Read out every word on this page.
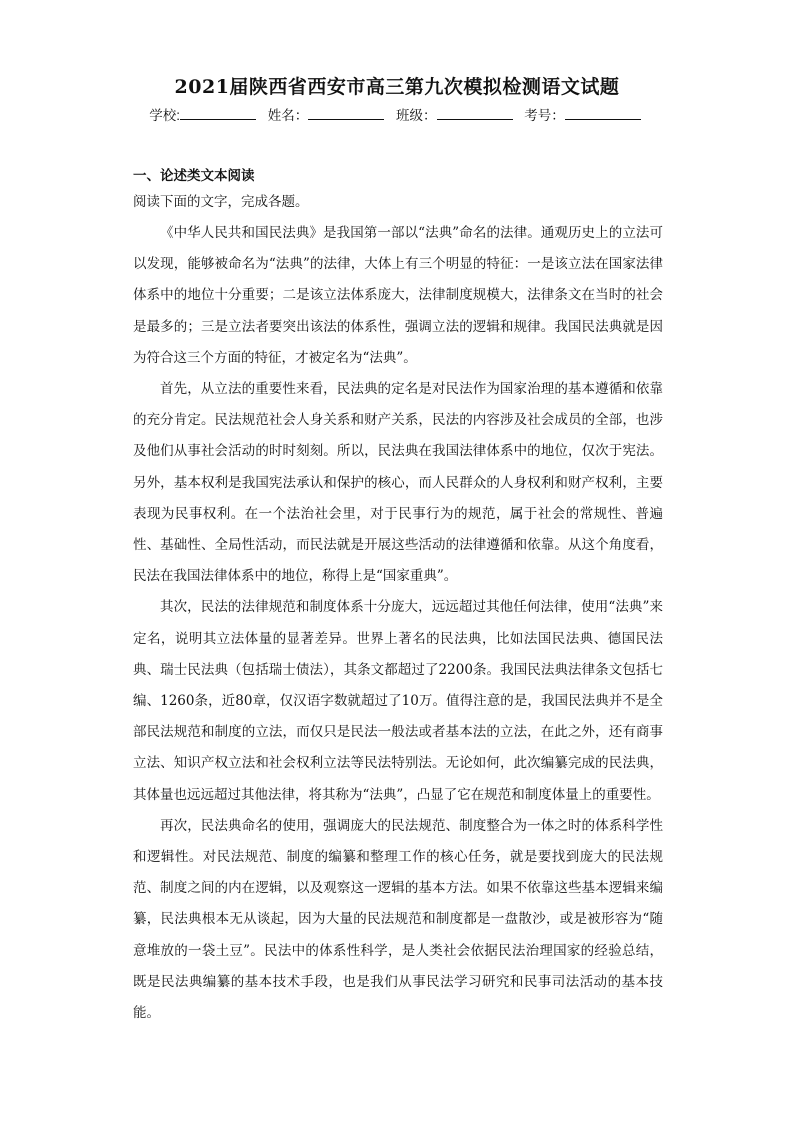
2021届陕西省西安市高三第九次模拟检测语文试题
学校:	姓名：	班级：	考号：
一、论述类文本阅读
阅读下面的文字，完成各题。

《中华人民共和国民法典》是我国第一部以“法典”命名的法律。通观历史上的立法可以发现，能够被命名为“法典”的法律，大体上有三个明显的特征：一是该立法在国家法律体系中的地位十分重要；二是该立法体系庞大，法律制度规模大，法律条文在当时的社会是最多的；三是立法者要突出该法的体系性，强调立法的逻辑和规律。我国民法典就是因为符合这三个方面的特征，才被定名为“法典”。

首先，从立法的重要性来看，民法典的定名是对民法作为国家治理的基本遵循和依靠的充分肯定。民法规范社会人身关系和财产关系，民法的内容涉及社会成员的全部，也涉及他们从事社会活动的时时刻刻。所以，民法典在我国法律体系中的地位，仅次于宪法。另外，基本权利是我国宪法承认和保护的核心，而人民群众的人身权利和财产权利，主要表现为民事权利。在一个法治社会里，对于民事行为的规范，属于社会的常规性、普遍性、基础性、全局性活动，而民法就是开展这些活动的法律遵循和依靠。从这个角度看，民法在我国法律体系中的地位，称得上是“国家重典”。

其次，民法的法律规范和制度体系十分庞大，远远超过其他任何法律，使用“法典”来定名，说明其立法体量的显著差异。世界上著名的民法典，比如法国民法典、德国民法典、瑞士民法典（包括瑞士债法），其条文都超过了2200条。我国民法典法律条文包括七编、1260条，近80章，仅汉语字数就超过了10万。值得注意的是，我国民法典并不是全部民法规范和制度的立法，而仅只是民法一般法或者基本法的立法，在此之外，还有商事立法、知识产权立法和社会权利立法等民法特别法。无论如何，此次编纂完成的民法典，其体量也远远超过其他法律，将其称为“法典”，凸显了它在规范和制度体量上的重要性。

再次，民法典命名的使用，强调庞大的民法规范、制度整合为一体之时的体系科学性和逻辑性。对民法规范、制度的编纂和整理工作的核心任务，就是要找到庞大的民法规范、制度之间的内在逻辑，以及观察这一逻辑的基本方法。如果不依靠这些基本逻辑来编纂，民法典根本无从谈起，因为大量的民法规范和制度都是一盘散沙，或是被形容为“随意堆放的一袋土豆”。民法中的体系性科学，是人类社会依据民法治理国家的经验总结，既是民法典编纂的基本技术手段，也是我们从事民法学习研究和民事司法活动的基本技能。
